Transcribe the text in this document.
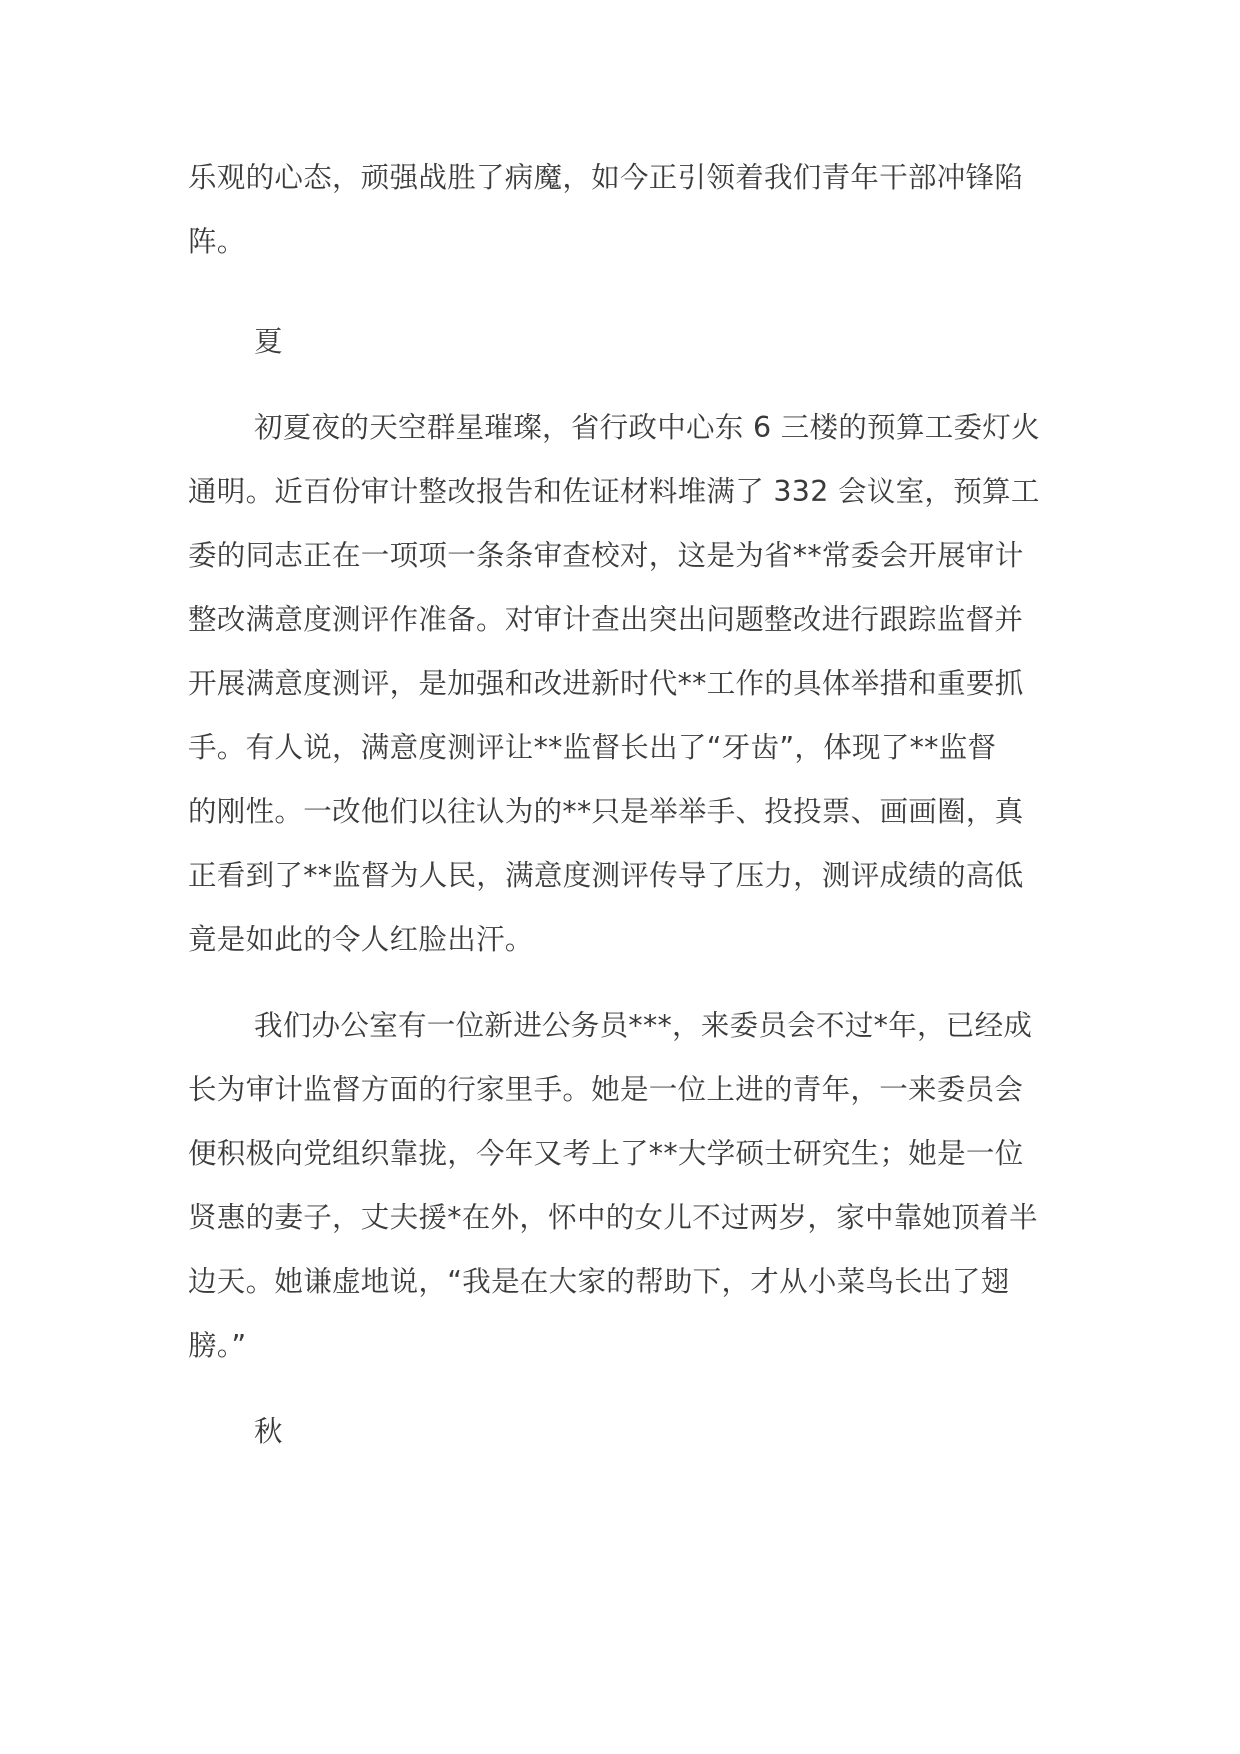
乐观的心态，顽强战胜了病魔，如今正引领着我们青年干部冲锋陷
阵。
夏
初夏夜的天空群星璀璨，省行政中心东 6 三楼的预算工委灯火
通明。近百份审计整改报告和佐证材料堆满了 332 会议室，预算工
委的同志正在一项项一条条审查校对，这是为省**常委会开展审计
整改满意度测评作准备。对审计查出突出问题整改进行跟踪监督并
开展满意度测评，是加强和改进新时代**工作的具体举措和重要抓
手。有人说，满意度测评让**监督长出了“牙齿”，体现了**监督
的刚性。一改他们以往认为的**只是举举手、投投票、画画圈，真
正看到了**监督为人民，满意度测评传导了压力，测评成绩的高低
竟是如此的令人红脸出汗。
我们办公室有一位新进公务员***，来委员会不过*年，已经成
长为审计监督方面的行家里手。她是一位上进的青年，一来委员会
便积极向党组织靠拢，今年又考上了**大学硕士研究生；她是一位
贤惠的妻子，丈夫援*在外，怀中的女儿不过两岁，家中靠她顶着半
边天。她谦虚地说，“我是在大家的帮助下，才从小菜鸟长出了翅
膀。”
秋
